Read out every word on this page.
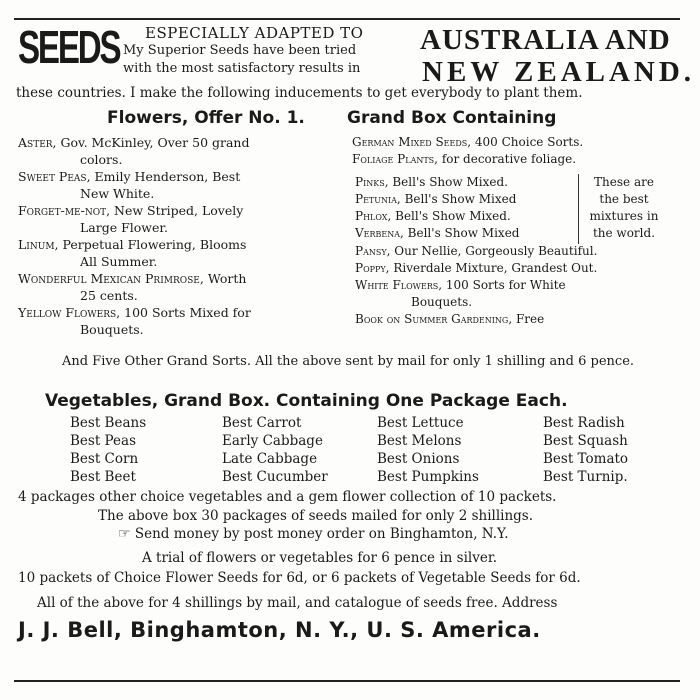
SEEDS ESPECIALLY ADAPTED TO
My Superior Seeds have been tried
with the most satisfactory results in
AUSTRALIA AND
NEW ZEALAND.
these countries. I make the following inducements to get everybody to plant them.
Flowers, Offer No. 1. Grand Box Containing
Aster, Gov. McKinley, Over 50 grand
colors.
Sweet Peas, Emily Henderson, Best
New White.
Forget-me-not, New Striped, Lovely
Large Flower.
Linum, Perpetual Flowering, Blooms
All Summer.
Wonderful Mexican Primrose, Worth
25 cents.
Yellow Flowers, 100 Sorts Mixed for
Bouquets.
German Mixed Seeds, 400 Choice Sorts.
Foliage Plants, for decorative foliage.
Pinks, Bell's Show Mixed.
Petunia, Bell's Show Mixed
Phlox, Bell's Show Mixed.
Verbena, Bell's Show Mixed
These are
the best
mixtures in
the world.
Pansy, Our Nellie, Gorgeously Beautiful.
Poppy, Riverdale Mixture, Grandest Out.
White Flowers, 100 Sorts for White
Bouquets.
Book on Summer Gardening, Free
And Five Other Grand Sorts. All the above sent by mail for only 1 shilling and 6 pence.
Vegetables, Grand Box. Containing One Package Each.
Best Beans	Best Carrot	Best Lettuce	Best Radish
Best Peas	Early Cabbage	Best Melons	Best Squash
Best Corn	Late Cabbage	Best Onions	Best Tomato
Best Beet	Best Cucumber	Best Pumpkins	Best Turnip.
4 packages other choice vegetables and a gem flower collection of 10 packets.
The above box 30 packages of seeds mailed for only 2 shillings.
☞ Send money by post money order on Binghamton, N.Y.
A trial of flowers or vegetables for 6 pence in silver.
10 packets of Choice Flower Seeds for 6d, or 6 packets of Vegetable Seeds for 6d.
All of the above for 4 shillings by mail, and catalogue of seeds free. Address
J. J. Bell, Binghamton, N. Y., U. S. America.
